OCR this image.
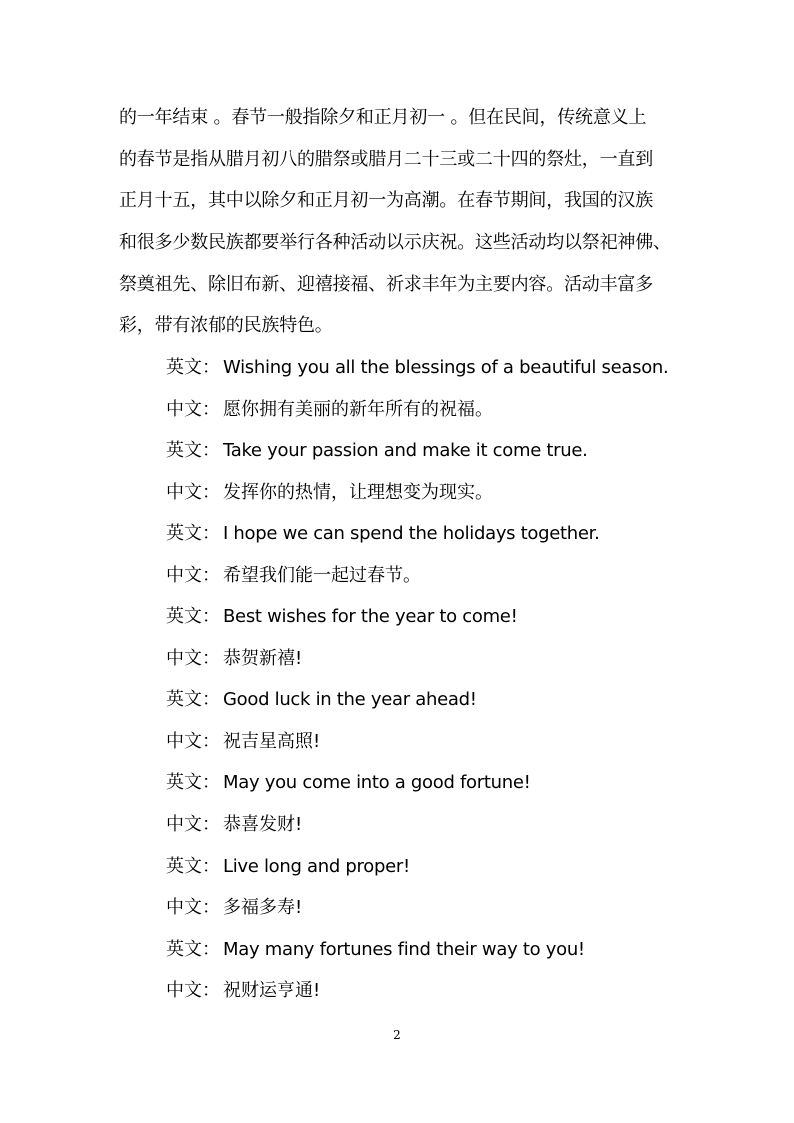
的一年结束 。春节一般指除夕和正月初一 。但在民间，传统意义上
的春节是指从腊月初八的腊祭或腊月二十三或二十四的祭灶，一直到
正月十五，其中以除夕和正月初一为高潮。在春节期间，我国的汉族
和很多少数民族都要举行各种活动以示庆祝。这些活动均以祭祀神佛、
祭奠祖先、除旧布新、迎禧接福、祈求丰年为主要内容。活动丰富多
彩，带有浓郁的民族特色。
英文： Wishing you all the blessings of a beautiful season.
中文： 愿你拥有美丽的新年所有的祝福。
英文： Take your passion and make it come true.
中文： 发挥你的热情，让理想变为现实。
英文： I hope we can spend the holidays together.
中文： 希望我们能一起过春节。
英文： Best wishes for the year to come!
中文： 恭贺新禧!
英文： Good luck in the year ahead!
中文： 祝吉星高照!
英文： May you come into a good fortune!
中文： 恭喜发财!
英文： Live long and proper!
中文： 多福多寿!
英文： May many fortunes find their way to you!
中文： 祝财运亨通!
2
